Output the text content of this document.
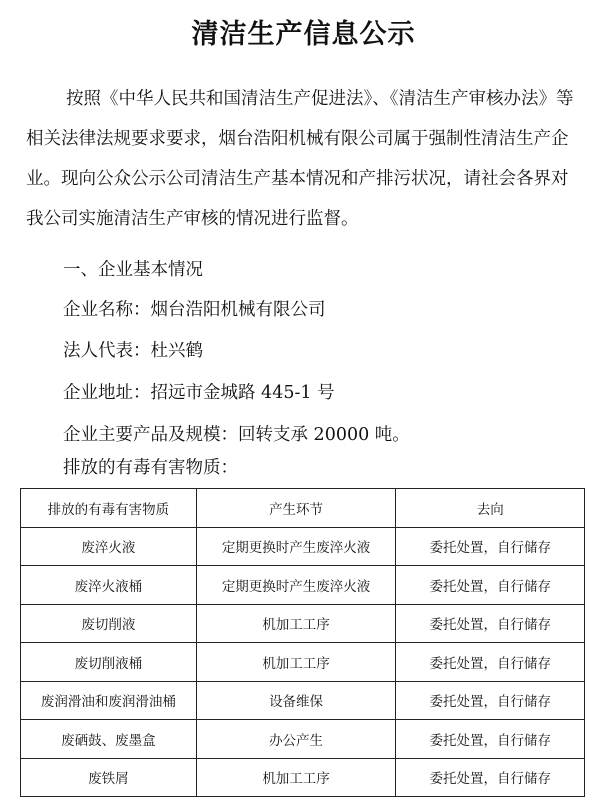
清洁生产信息公示
按照《中华人民共和国清洁生产促进法》、《清洁生产审核办法》等相关法律法规要求要求，烟台浩阳机械有限公司属于强制性清洁生产企业。现向公众公示公司清洁生产基本情况和产排污状况，请社会各界对我公司实施清洁生产审核的情况进行监督。
一、企业基本情况
企业名称：烟台浩阳机械有限公司
法人代表：杜兴鹤
企业地址：招远市金城路 445-1 号
企业主要产品及规模：回转支承 20000 吨。
排放的有毒有害物质：
排放的有毒有害物质	产生环节	去向
废淬火液	定期更换时产生废淬火液	委托处置，自行储存
废淬火液桶	定期更换时产生废淬火液	委托处置，自行储存
废切削液	机加工工序	委托处置，自行储存
废切削液桶	机加工工序	委托处置，自行储存
废润滑油和废润滑油桶	设备维保	委托处置，自行储存
废硒鼓、废墨盒	办公产生	委托处置，自行储存
废铁屑	机加工工序	委托处置，自行储存
